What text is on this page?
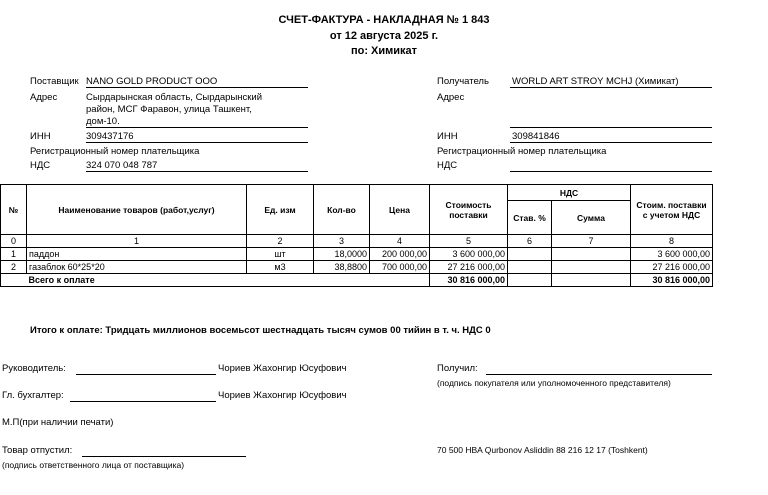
СЧЕТ-ФАКТУРА - НАКЛАДНАЯ № 1 843
от 12 августа 2025 г.
по: Химикат
Поставщик NANO GOLD PRODUCT OOO
Адрес	Сырдарынская область, Сырдарынский
район, МСГ Фаравон, улица Ташкент,
дом-10.
ИНН	309437176
Регистрационный номер плательщика
НДС	324 070 048 787
Получатель WORLD ART STROY MCHJ (Химикат)
Адрес
ИНН	309841846
Регистрационный номер плательщика
НДС
№	Наименование товаров (работ,услуг)	Ед. изм	Кол-во	Цена	Стоимость поставки	НДС		Стоим. поставки с учетом НДС
						Став. %	Сумма	
0	1	2	3	4	5	6	7	8
1	паддон	шт	18,0000	200 000,00	3 600 000,00			3 600 000,00
2	газаблок 60*25*20	м3	38,8800	700 000,00	27 216 000,00			27 216 000,00
	Всего к оплате				30 816 000,00			30 816 000,00
Итого к оплате: Тридцать миллионов восемьсот шестнадцать тысяч сумов 00 тийин в т. ч. НДС 0
Руководитель:	Чориев Жахонгир Юсуфович
Гл. бухгалтер:	Чориев Жахонгир Юсуфович
М.П(при наличии печати)
Товар отпустил:
(подпись ответственного лица от поставщика)
Получил:
(подпись покупателя или уполномоченного представителя)
70 500 HBA Qurbonov Asliddin 88 216 12 17 (Toshkent)
